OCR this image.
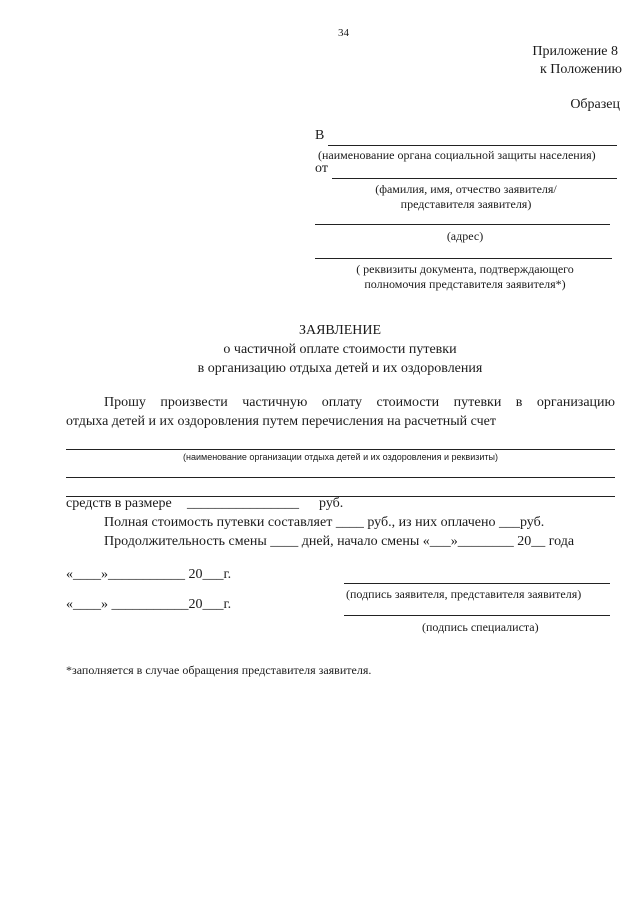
34
Приложение 8
к Положению
Образец
В
(наименование органа социальной защиты населения)
от
(фамилия, имя, отчество заявителя/
представителя заявителя)
(адрес)
( реквизиты документа, подтверждающего
полномочия представителя заявителя*)
ЗАЯВЛЕНИЕ
о частичной оплате стоимости путевки
в организацию отдыха детей и их оздоровления
Прошу произвести частичную оплату стоимости путевки в организацию
отдыха детей и их оздоровления путем перечисления на расчетный счет
(наименование организации отдыха детей и их оздоровления и реквизиты)
средств в размере ________________ руб.
Полная стоимость путевки составляет ____ руб., из них оплачено ___руб.
Продолжительность смены ____ дней, начало смены «___»________ 20__ года
«____»___________ 20___г.
(подпись заявителя, представителя заявителя)
«____» ___________20___г.
(подпись специалиста)
*заполняется в случае обращения представителя заявителя.
